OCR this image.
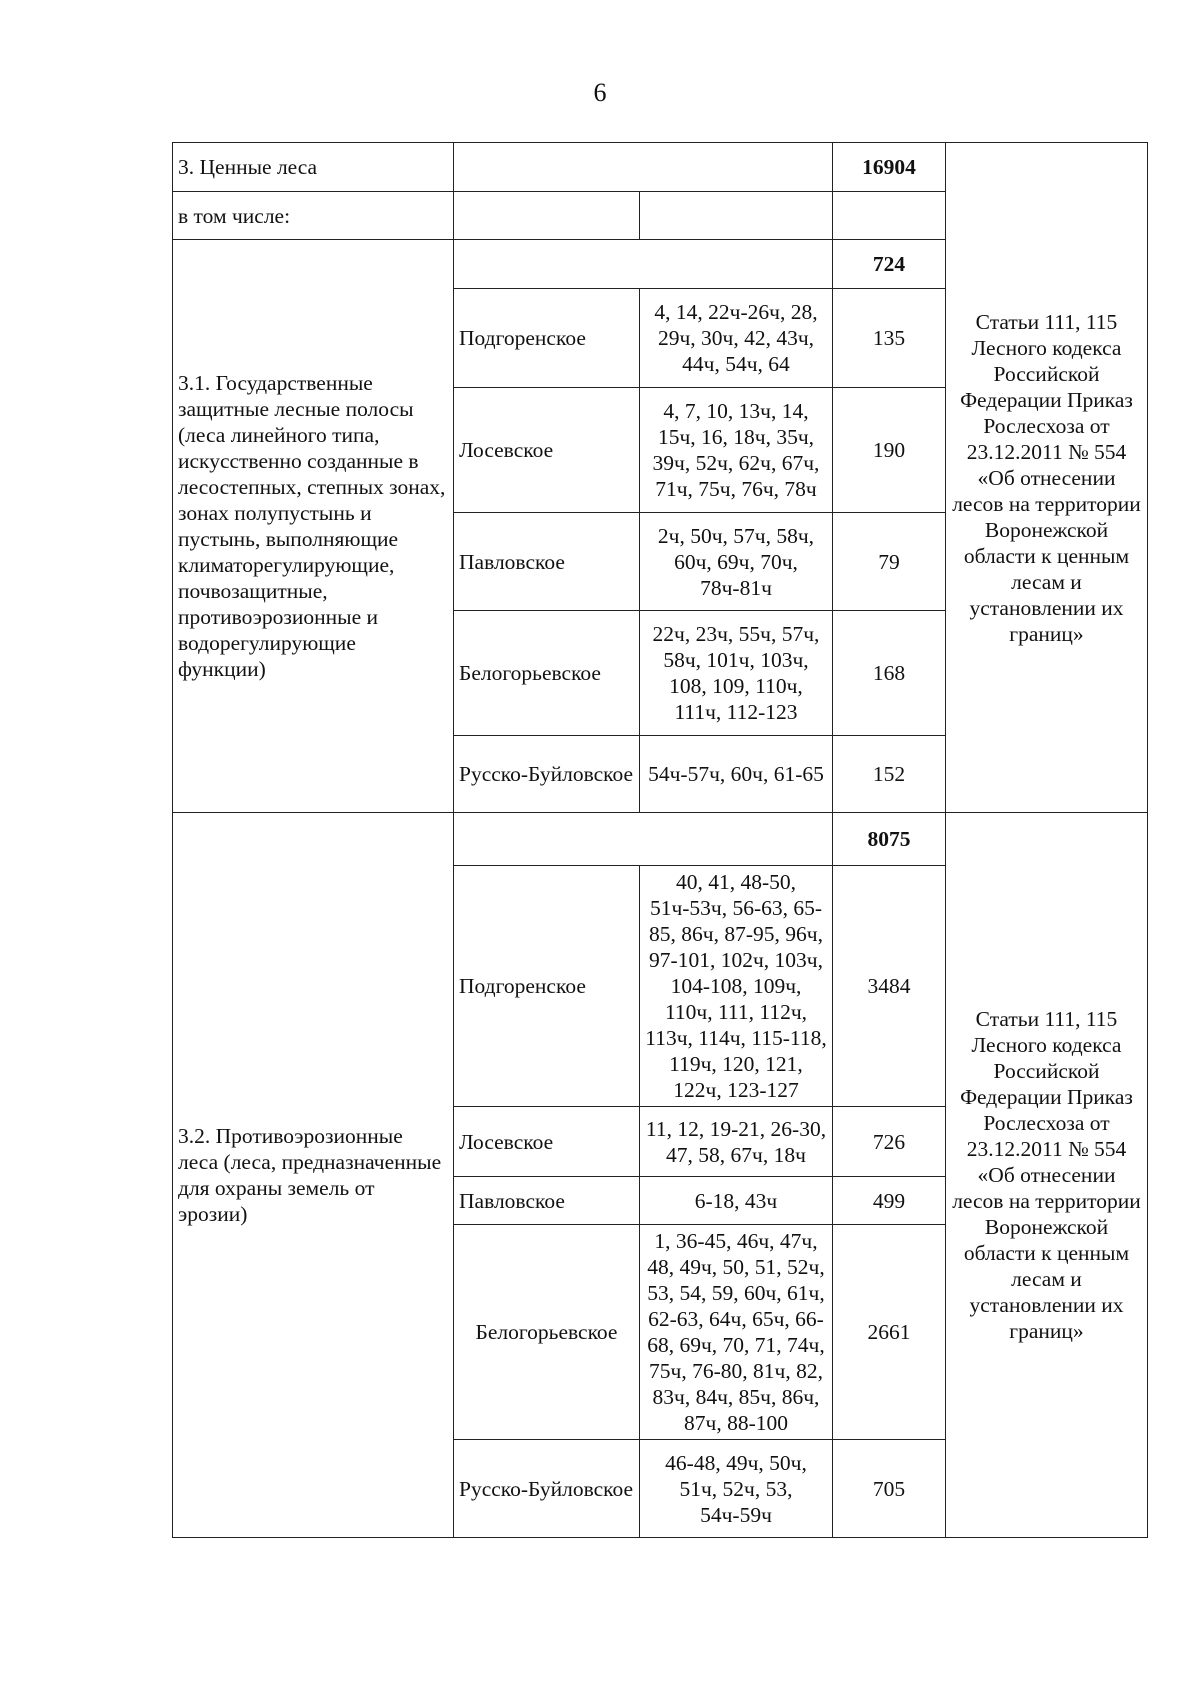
6
3. Ценные леса			16904	Статьи 111, 115 Лесного кодекса Российской Федерации Приказ Рослесхоза от 23.12.2011 № 554 «Об отнесении лесов на территории Воронежской области к ценным лесам и установлении их границ»

в том числе:				
3.1. Государственные защитные лесные полосы (леса линейного типа, искусственно созданные в лесостепных, степных зонах, зонах полупустынь и пустынь, выполняющие климаторегулирующие, почвозащитные, противоэрозионные и водорегулирующие функции)			724	
	Подгоренское	4, 14, 22ч-26ч, 28, 29ч, 30ч, 42, 43ч, 44ч, 54ч, 64	135	
	Лосевское	4, 7, 10, 13ч, 14, 15ч, 16, 18ч, 35ч, 39ч, 52ч, 62ч, 67ч, 71ч, 75ч, 76ч, 78ч	190	
	Павловское	2ч, 50ч, 57ч, 58ч, 60ч, 69ч, 70ч, 78ч-81ч	79	
	Белогорьевское	22ч, 23ч, 55ч, 57ч, 58ч, 101ч, 103ч, 108, 109, 110ч, 111ч, 112-123	168	
	Русско-Буйловское	54ч-57ч, 60ч, 61-65	152	
3.2. Противоэрозионные леса (леса, предназначенные для охраны земель от эрозии)			8075	Статьи 111, 115 Лесного кодекса Российской Федерации Приказ Рослесхоза от 23.12.2011 № 554 «Об отнесении лесов на территории Воронежской области к ценным лесам и установлении их границ»

	Подгоренское	40, 41, 48-50, 51ч-53ч, 56-63, 65-85, 86ч, 87-95, 96ч, 97-101, 102ч, 103ч, 104-108, 109ч, 110ч, 111, 112ч, 113ч, 114ч, 115-118, 119ч, 120, 121, 122ч, 123-127	3484	
	Лосевское	11, 12, 19-21, 26-30, 47, 58, 67ч, 18ч	726	
	Павловское	6-18, 43ч	499	
	Белогорьевское	1, 36-45, 46ч, 47ч, 48, 49ч, 50, 51, 52ч, 53, 54, 59, 60ч, 61ч, 62-63, 64ч, 65ч, 66-68, 69ч, 70, 71, 74ч, 75ч, 76-80, 81ч, 82, 83ч, 84ч, 85ч, 86ч, 87ч, 88-100	2661	
	Русско-Буйловское	46-48, 49ч, 50ч, 51ч, 52ч, 53, 54ч-59ч	705	
